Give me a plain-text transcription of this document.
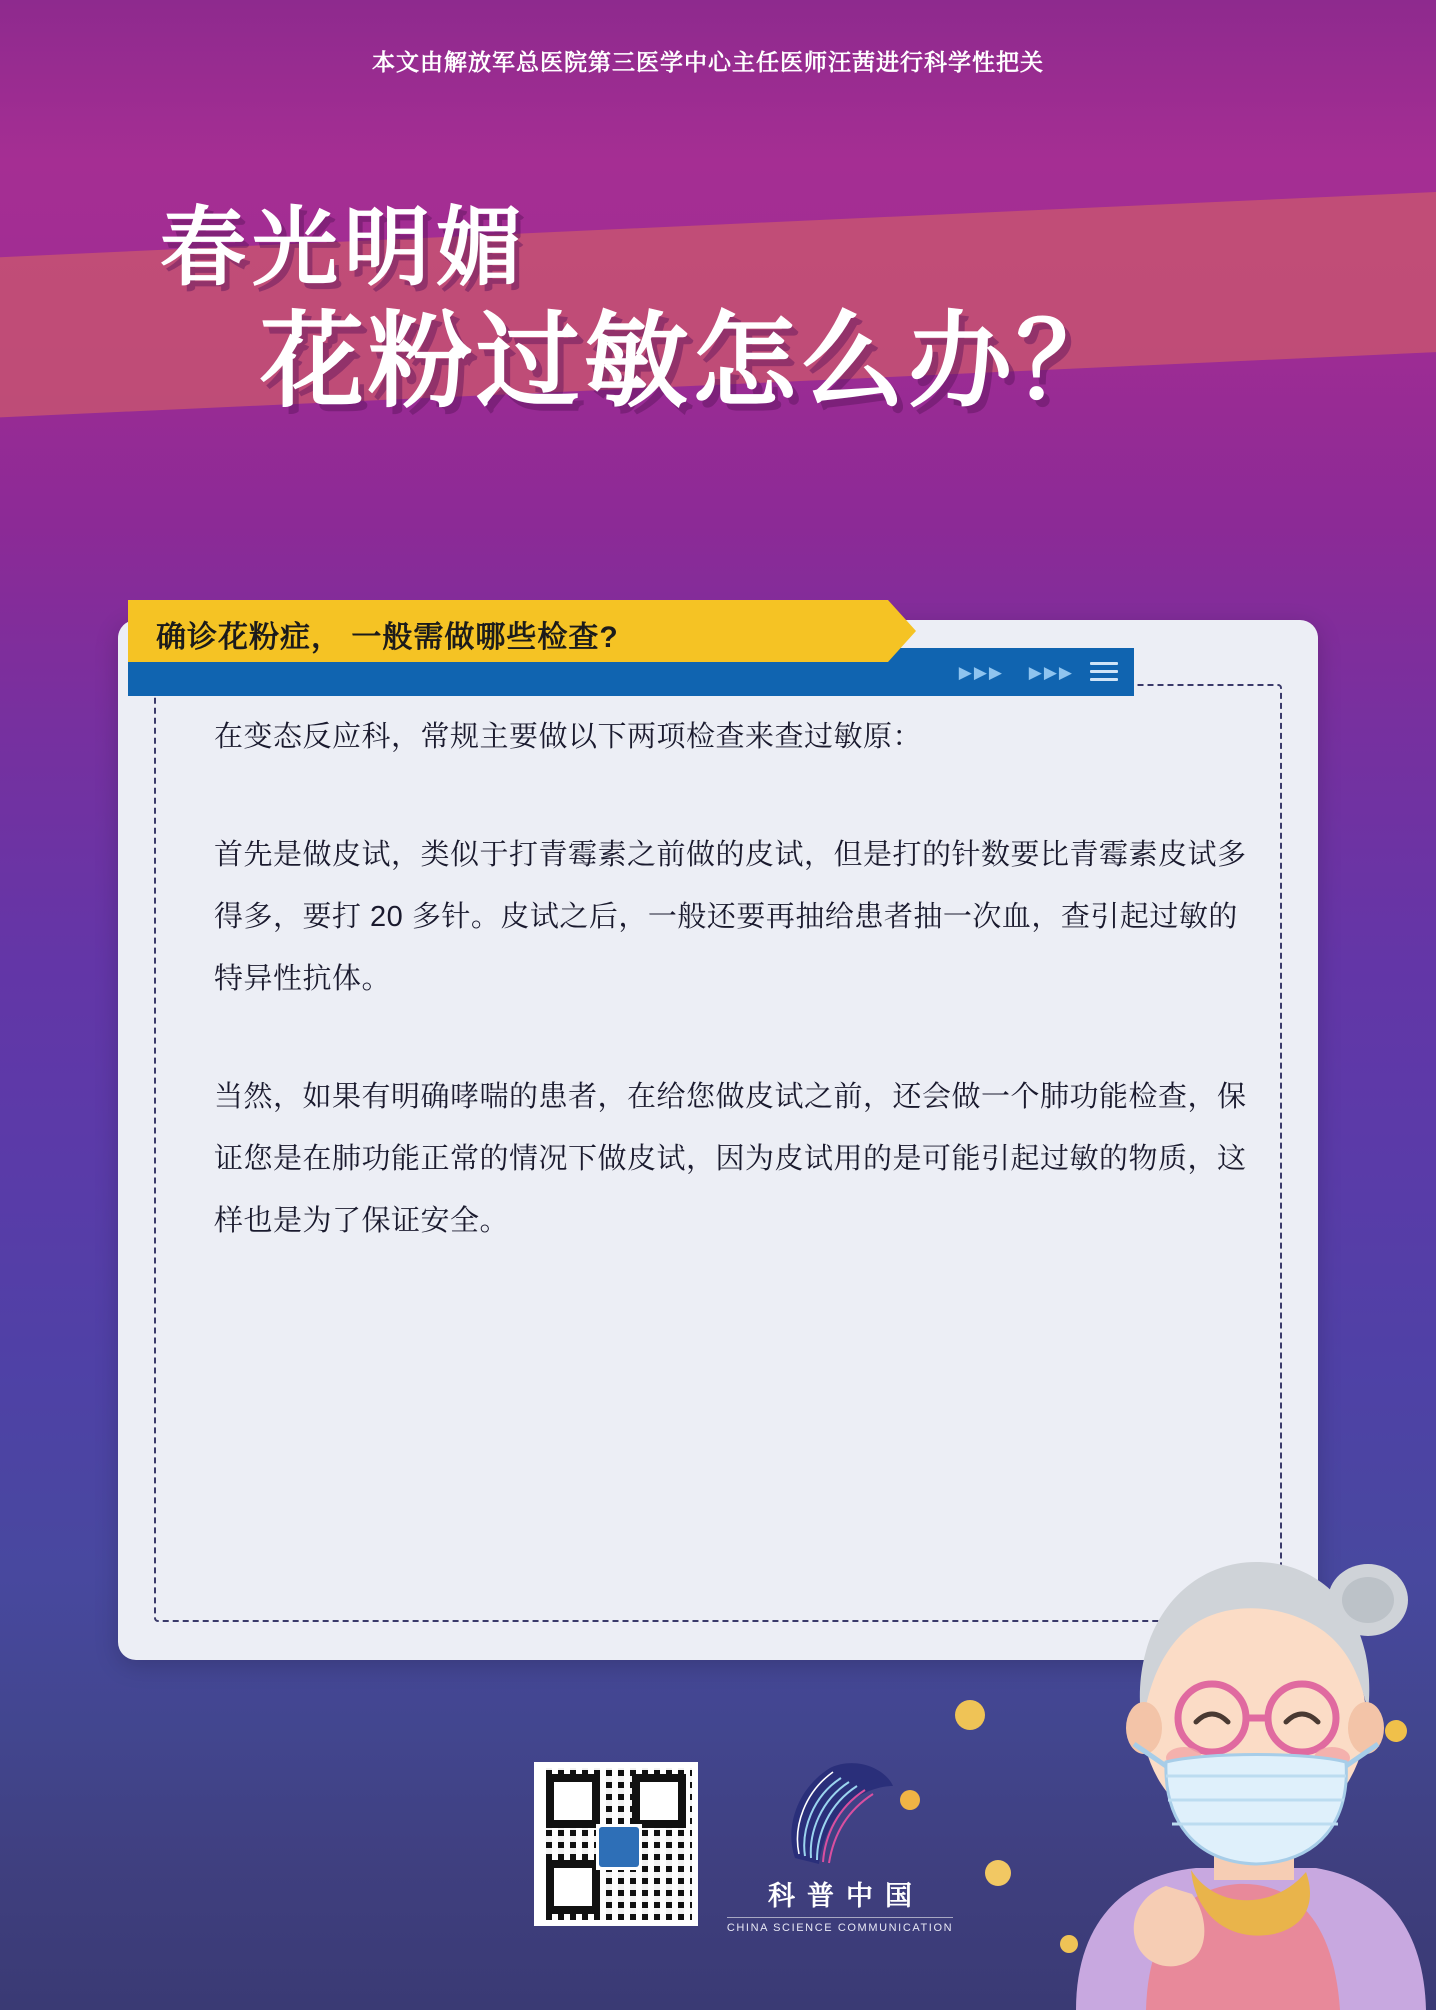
本文由解放军总医院第三医学中心主任医师汪茜进行科学性把关
春光明媚
花粉过敏怎么办？
▶▶▶ ▶▶▶
确诊花粉症， 一般需做哪些检查?

在变态反应科，常规主要做以下两项检查来查过敏原：

首先是做皮试，类似于打青霉素之前做的皮试，但是打的针数要比青霉素皮试多得多，要打 20 多针。皮试之后，一般还要再抽给患者抽一次血，查引起过敏的特异性抗体。

当然，如果有明确哮喘的患者，在给您做皮试之前，还会做一个肺功能检查，保证您是在肺功能正常的情况下做皮试，因为皮试用的是可能引起过敏的物质，这样也是为了保证安全。

科普中国
CHINA SCIENCE COMMUNICATION
